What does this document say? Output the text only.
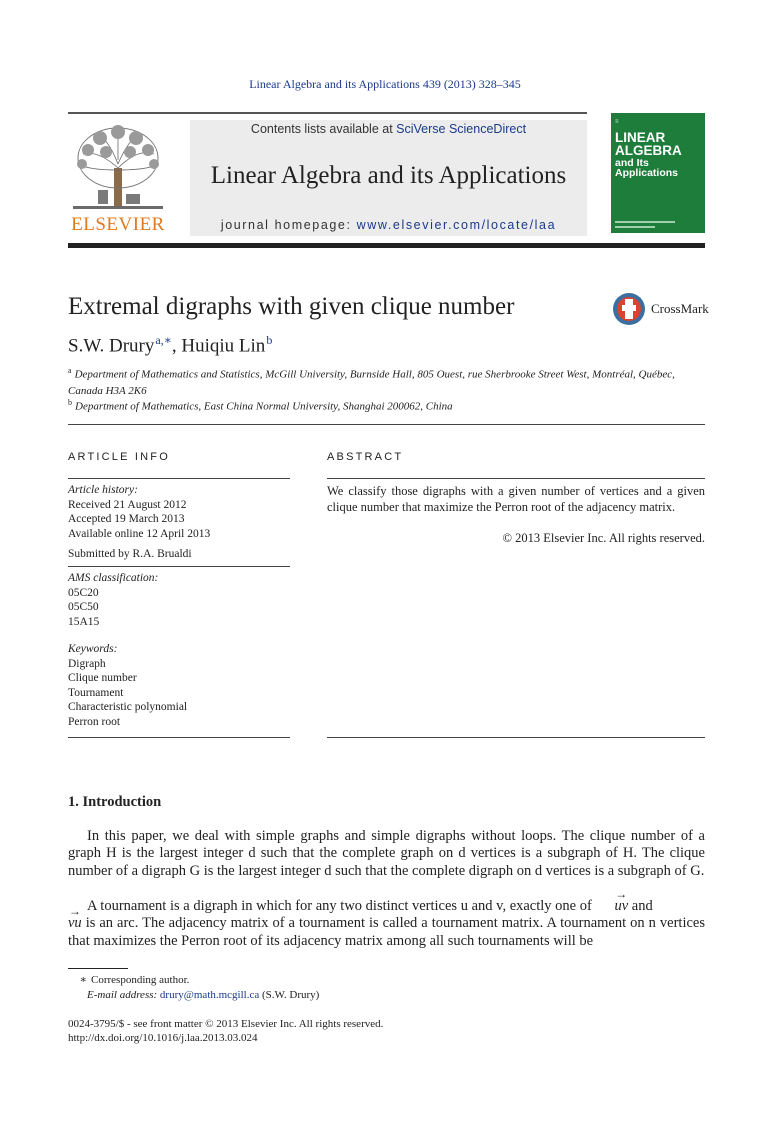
Linear Algebra and its Applications 439 (2013) 328–345
ELSEVIER
Contents lists available at SciVerse ScienceDirect
Linear Algebra and its Applications
journal homepage: www.elsevier.com/locate/laa
≡
LINEAR
ALGEBRA
and Its
Applications
Extremal digraphs with given clique number	CrossMark
S.W. Drury $^{a,∗}$, Huiqiu Lin $^b$
$^a$ Department of Mathematics and Statistics, McGill University, Burnside Hall, 805 Ouest, rue Sherbrooke Street West, Montréal, Québec, Canada H3A 2K6
$^b$ Department of Mathematics, East China Normal University, Shanghai 200062, China
ARTICLE INFO	ABSTRACT
Article history:
Received 21 August 2012
Accepted 19 March 2013
Available online 12 April 2013
Submitted by R.A. Brualdi
AMS classification:
05C20
05C50
15A15
Keywords:
Digraph
Clique number
Tournament
Characteristic polynomial
Perron root
We classify those digraphs with a given number of vertices and a given clique number that maximize the Perron root of the adjacency matrix.
© 2013 Elsevier Inc. All rights reserved.
1. Introduction

In this paper, we deal with simple graphs and simple digraphs without loops. The clique number of a graph H is the largest integer d such that the complete graph on d vertices is a subgraph of H. The clique number of a digraph G is the largest integer d such that the complete digraph on d vertices is a subgraph of G.

A tournament is a digraph in which for any two distinct vertices u and v, exactly one of → uv and

→ vu is an arc. The adjacency matrix of a tournament is called a tournament matrix. A tournament on n vertices that maximizes the Perron root of its adjacency matrix among all such tournaments will be

∗ Corresponding author.
E-mail address: drury@math.mcgill.ca (S.W. Drury)
0024-3795/$ - see front matter © 2013 Elsevier Inc. All rights reserved.
http://dx.doi.org/10.1016/j.laa.2013.03.024
